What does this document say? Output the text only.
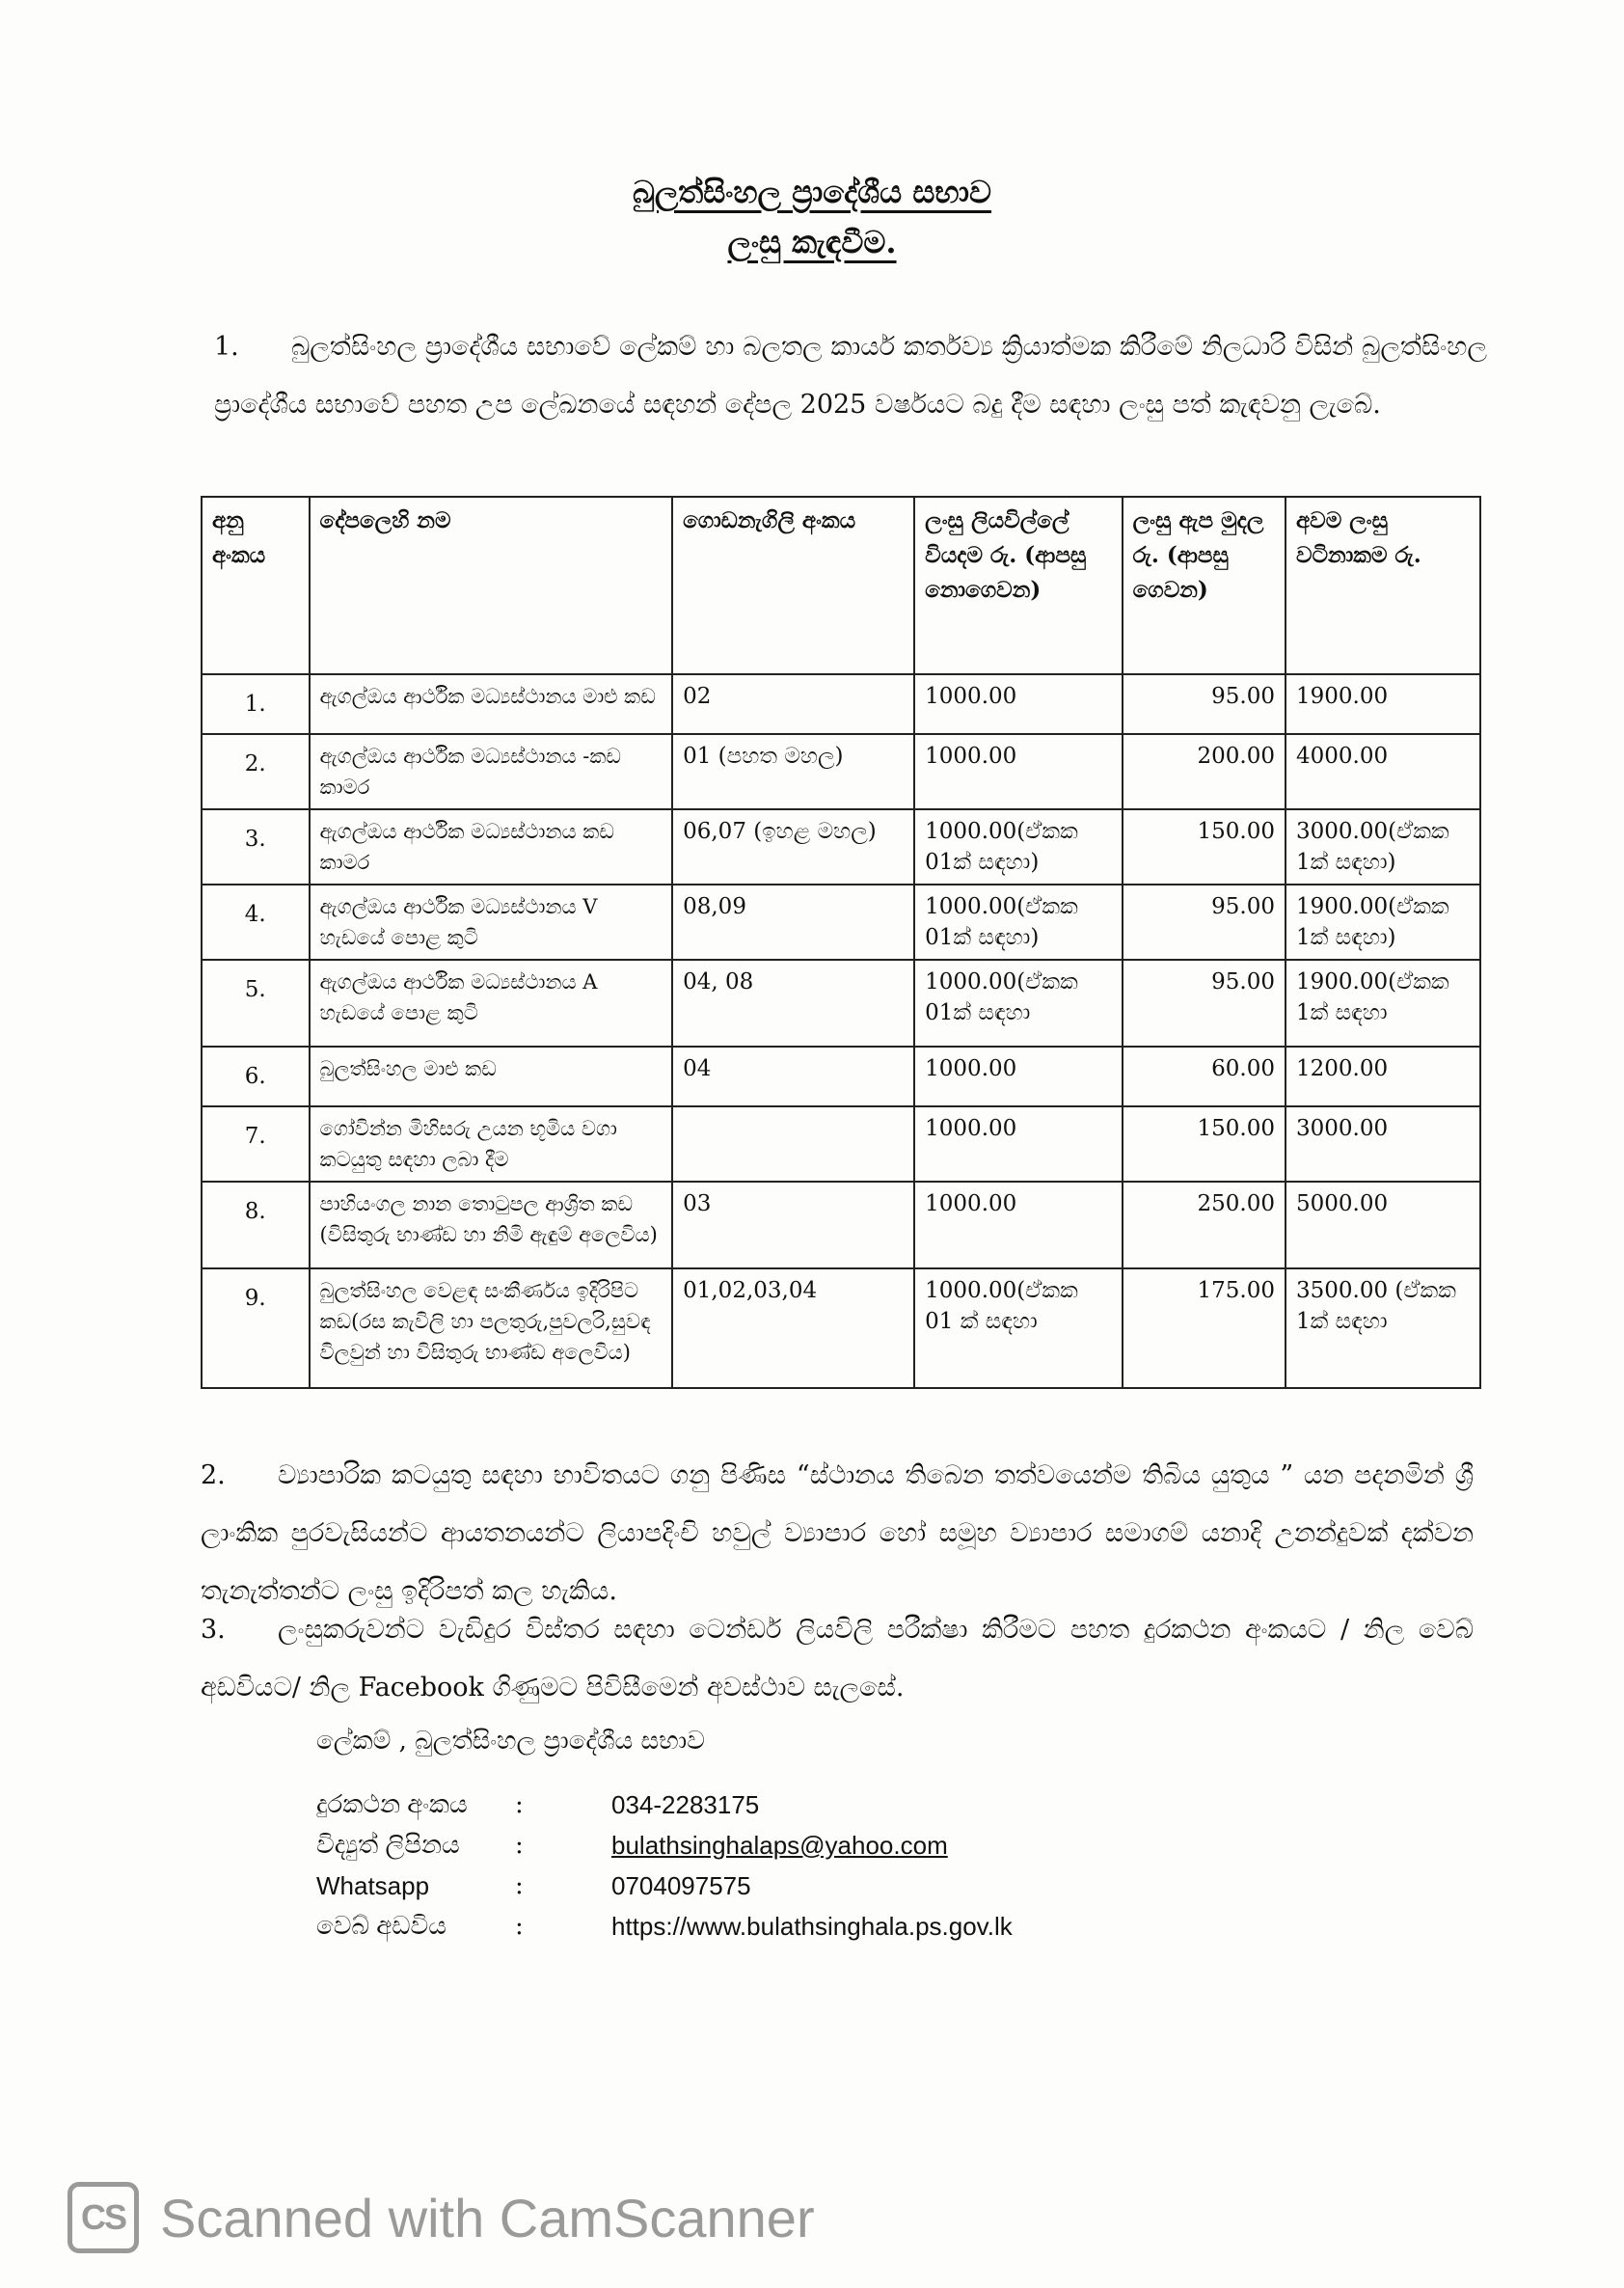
බුලත්සිංහල ප්‍රාදේශීය සභාව
ලංසු කැඳවීම.
1. බුලත්සිංහල ප්‍රාදේශීය සභාවේ ලේකම් හා බලතල කාර්ය කර්තව්‍ය ක්‍රියාත්මක කිරීමේ නිලධාරි විසින් බුලත්සිංහල ප්‍රාදේශීය සභාවේ පහත උප ලේඛනයේ සඳහන් දේපල 2025 වර්ෂයට බදු දීම සඳහා ලංසු පත් කැඳවනු ලැබේ.
අනු අංකය	දේපලෙහි නම	ගොඩනැගිලි අංකය	ලංසු ලියවිල්ලේ වියදම රු. (ආපසු නොගෙවන)	ලංසු ඇප මුදල රු. (ආපසු ගෙවන)	අවම ලංසු වටිනාකම රු.
1.	ඇගල්ඔය ආර්ථික මධ්‍යස්ථානය මාළු කඩ	02	1000.00	95.00	1900.00
2.	ඇගල්ඔය ආර්ථික මධ්‍යස්ථානය -කඩ කාමර	01 (පහත මහල)	1000.00	200.00	4000.00
3.	ඇගල්ඔය ආර්ථික මධ්‍යස්ථානය කඩ කාමර	06,07 (ඉහළ මහල)	1000.00(ඒකක 01ක් සඳහා)	150.00	3000.00(ඒකක 1ක් සඳහා)
4.	ඇගල්ඔය ආර්ථික මධ්‍යස්ථානය V හැඩයේ පොළ කුටි	08,09	1000.00(ඒකක 01ක් සඳහා)	95.00	1900.00(ඒකක 1ක් සඳහා)
5.	ඇගල්ඔය ආර්ථික මධ්‍යස්ථානය A හැඩයේ පොළ කුටි	04, 08	1000.00(ඒකක 01ක් සඳහා	95.00	1900.00(ඒකක 1ක් සඳහා
6.	බුලත්සිංහල මාළු කඩ	04	1000.00	60.00	1200.00
7.	ගෝවින්න මිහිසරු උයන භූමිය වගා කටයුතු සඳහා ලබා දීම		1000.00	150.00	3000.00
8.	පාහියංගල නාන තොටුපල ආශ්‍රිත කඩ (විසිතුරු භාණ්ඩ හා නිමි ඇඳුම් අලෙවිය)	03	1000.00	250.00	5000.00
9.	බුලත්සිංහල වෙළඳ සංකීර්ණය ඉදිරිපිට කඩ(රස කැවිලි හා පලතුරු,පුවලරි,සුවඳ විලවුන් හා විසිතුරු භාණ්ඩ අලෙවිය)	01,02,03,04	1000.00(ඒකක 01 ක් සඳහා	175.00	3500.00 (ඒකක 1ක් සඳහා
2. ව්‍යාපාරික කටයුතු සඳහා භාවිතයට ගනු පිණිස “ස්ථානය තිබෙන තත්වයෙන්ම තිබිය යුතුය ” යන පදනමින් ශ්‍රී ලාංකික පුරවැසියන්ට ආයතනයන්ට ලියාපදිංචි හවුල් ව්‍යාපාර හෝ සමූහ ව්‍යාපාර සමාගම් යනාදි උනන්දුවක් දක්වන තැනැත්තන්ට ලංසු ඉදිරිපත් කල හැකිය.
3. ලංසුකරුවන්ට වැඩිදුර විස්තර සඳහා ටෙන්ඩර් ලියවිලි පරීක්ෂා කිරීමට පහත දුරකථන අංකයට / නිල වෙබ් අඩවියට/ නිල Facebook ගිණුමට පිවිසීමෙන් අවස්ථාව සැලසේ.
ලේකම් , බුලත්සිංහල ප්‍රාදේශීය සභාව
දුරකථන අංකය	:	034-2283175
විද්‍යුත් ලිපිනය	:	bulathsinghalaps@yahoo.com
Whatsapp	:	0704097575
වෙබ් අඩවිය	:	https://www.bulathsinghala.ps.gov.lk
CS Scanned with CamScanner
